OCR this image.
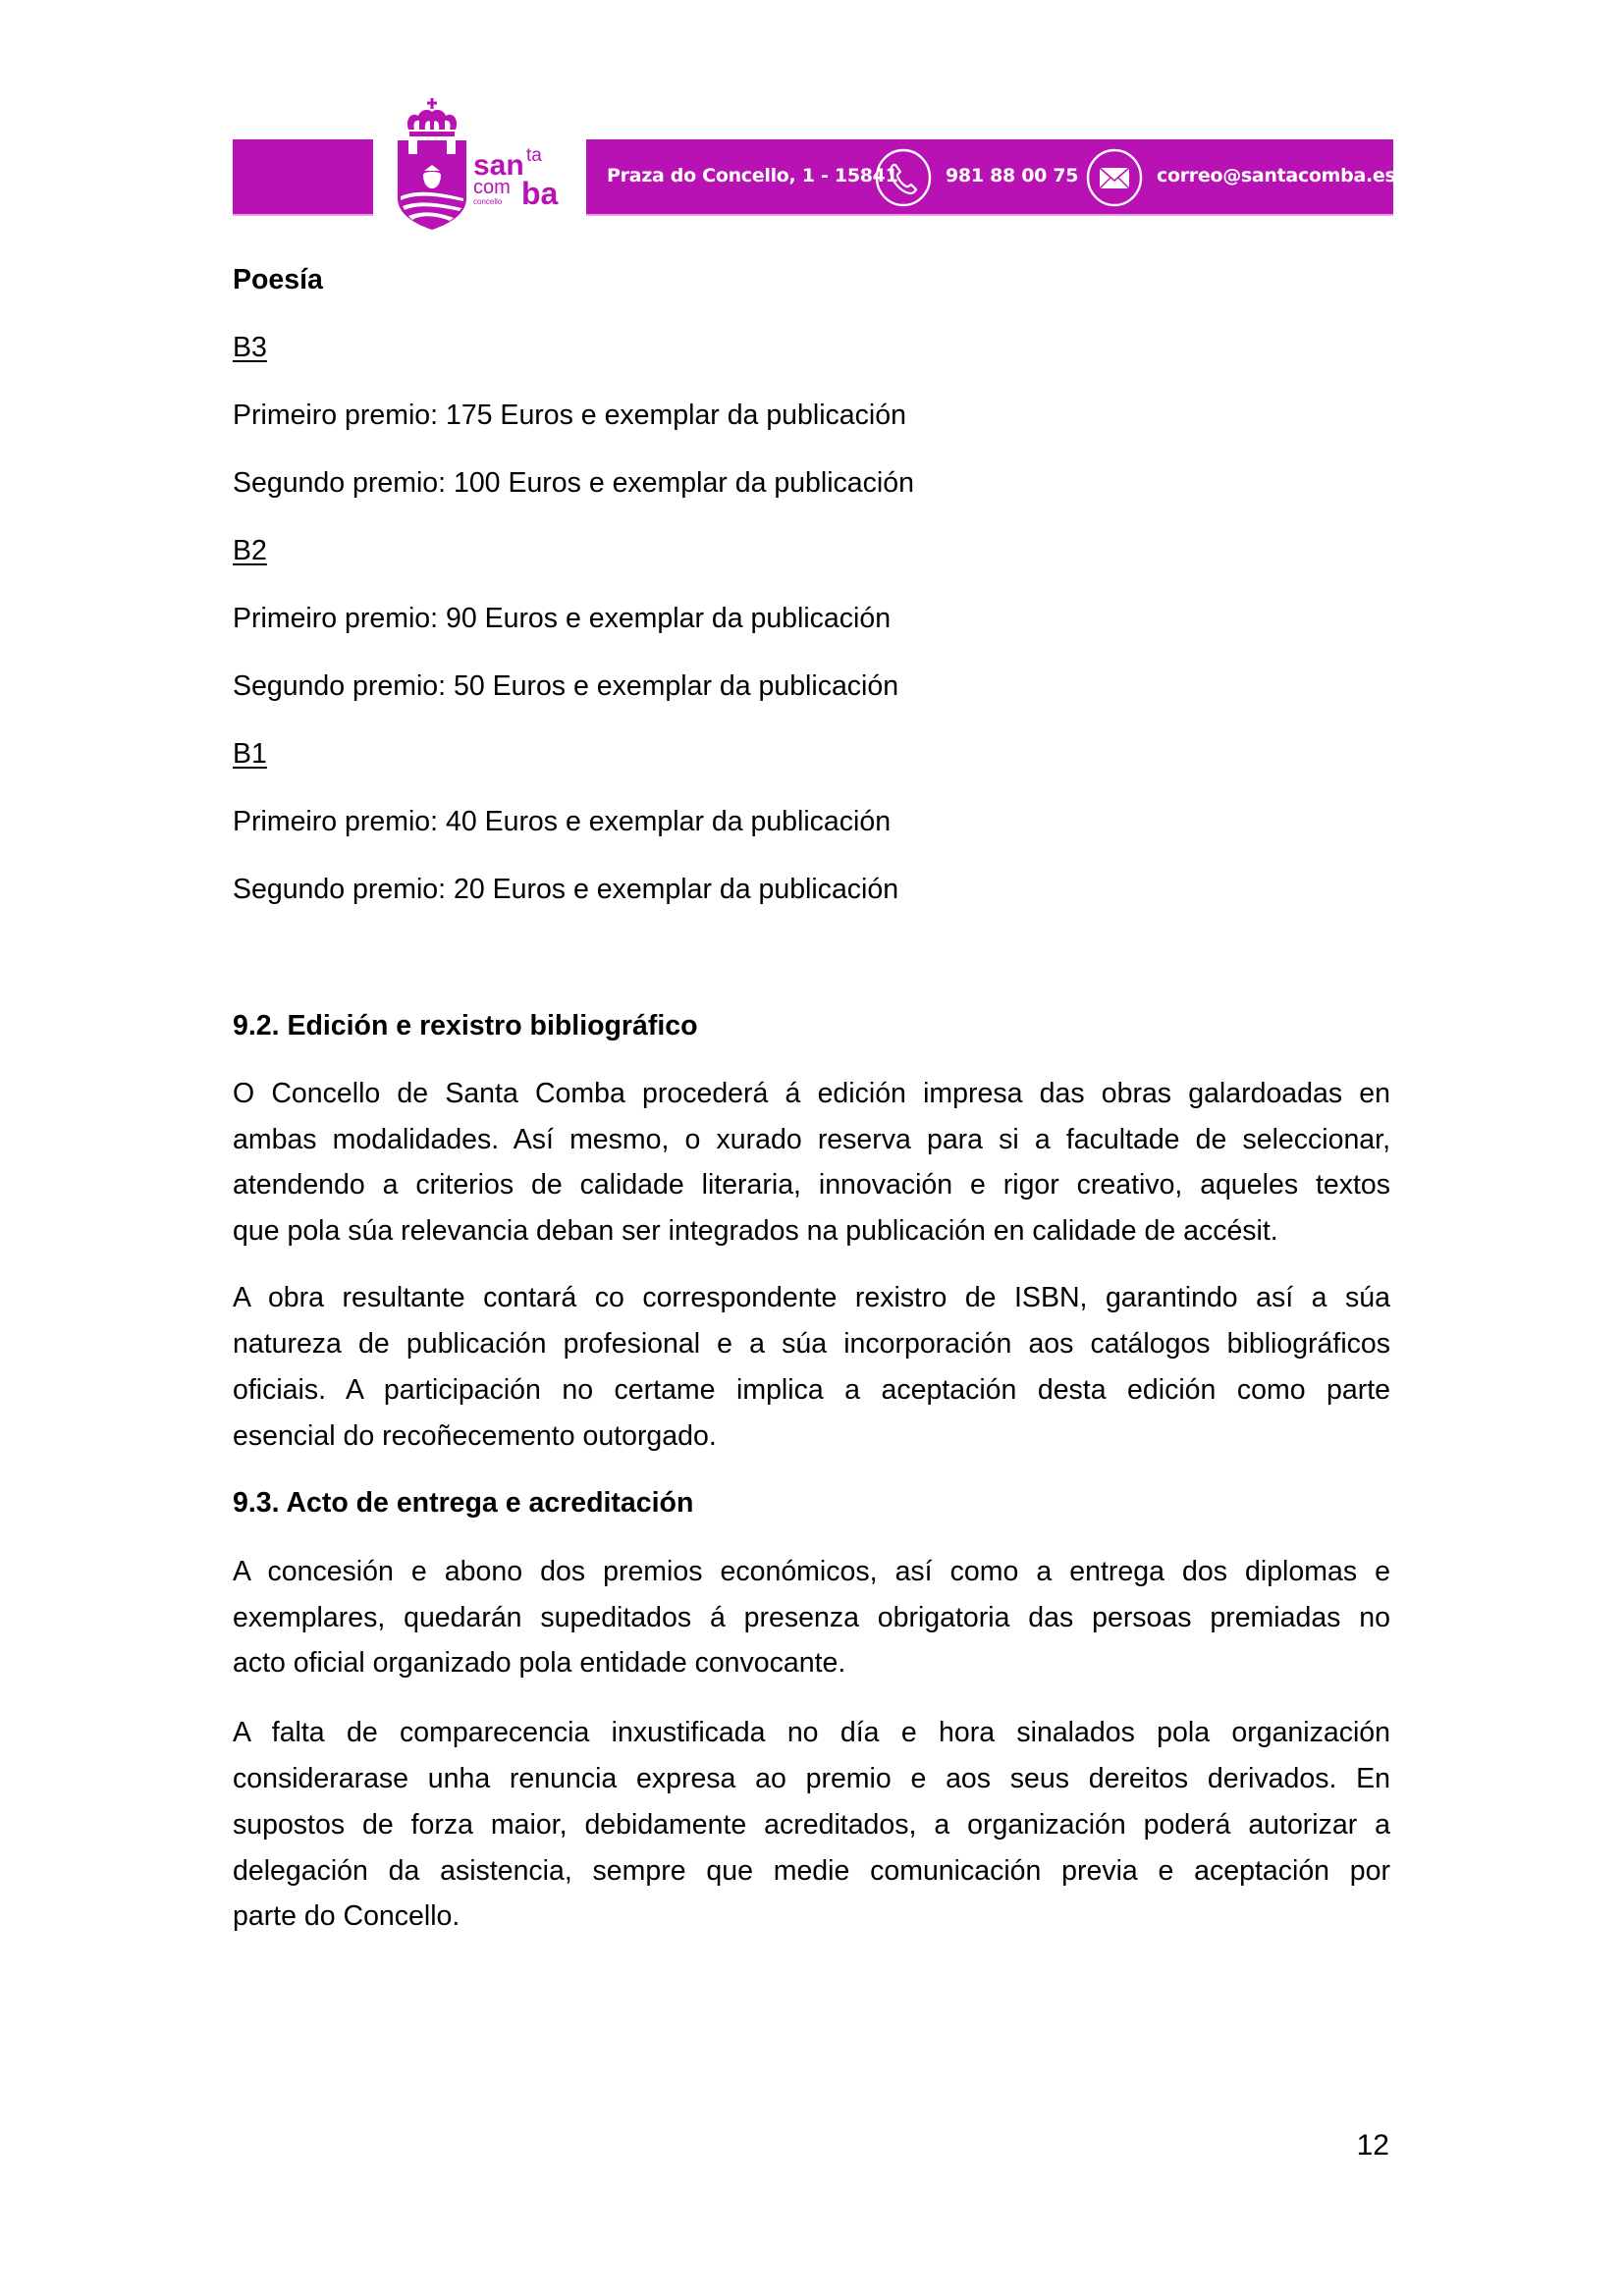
san ta
com ba
concello
Praza do Concello, 1 - 15841	981 88 00 75	correo@santacomba.es
Poesía
B3
Primeiro premio: 175 Euros e exemplar da publicación
Segundo premio: 100 Euros e exemplar da publicación
B2
Primeiro premio: 90 Euros e exemplar da publicación
Segundo premio: 50 Euros e exemplar da publicación
B1
Primeiro premio: 40 Euros e exemplar da publicación
Segundo premio: 20 Euros e exemplar da publicación
9.2. Edición e rexistro bibliográfico
O Concello de Santa Comba procederá á edición impresa das obras galardoadas en
ambas modalidades. Así mesmo, o xurado reserva para si a facultade de seleccionar,
atendendo a criterios de calidade literaria, innovación e rigor creativo, aqueles textos
que pola súa relevancia deban ser integrados na publicación en calidade de accésit.
A obra resultante contará co correspondente rexistro de ISBN, garantindo así a súa
natureza de publicación profesional e a súa incorporación aos catálogos bibliográficos
oficiais. A participación no certame implica a aceptación desta edición como parte
esencial do recoñecemento outorgado.
9.3. Acto de entrega e acreditación
A concesión e abono dos premios económicos, así como a entrega dos diplomas e
exemplares, quedarán supeditados á presenza obrigatoria das persoas premiadas no
acto oficial organizado pola entidade convocante.
A falta de comparecencia inxustificada no día e hora sinalados pola organización
considerarase unha renuncia expresa ao premio e aos seus dereitos derivados. En
supostos de forza maior, debidamente acreditados, a organización poderá autorizar a
delegación da asistencia, sempre que medie comunicación previa e aceptación por
parte do Concello.
12
